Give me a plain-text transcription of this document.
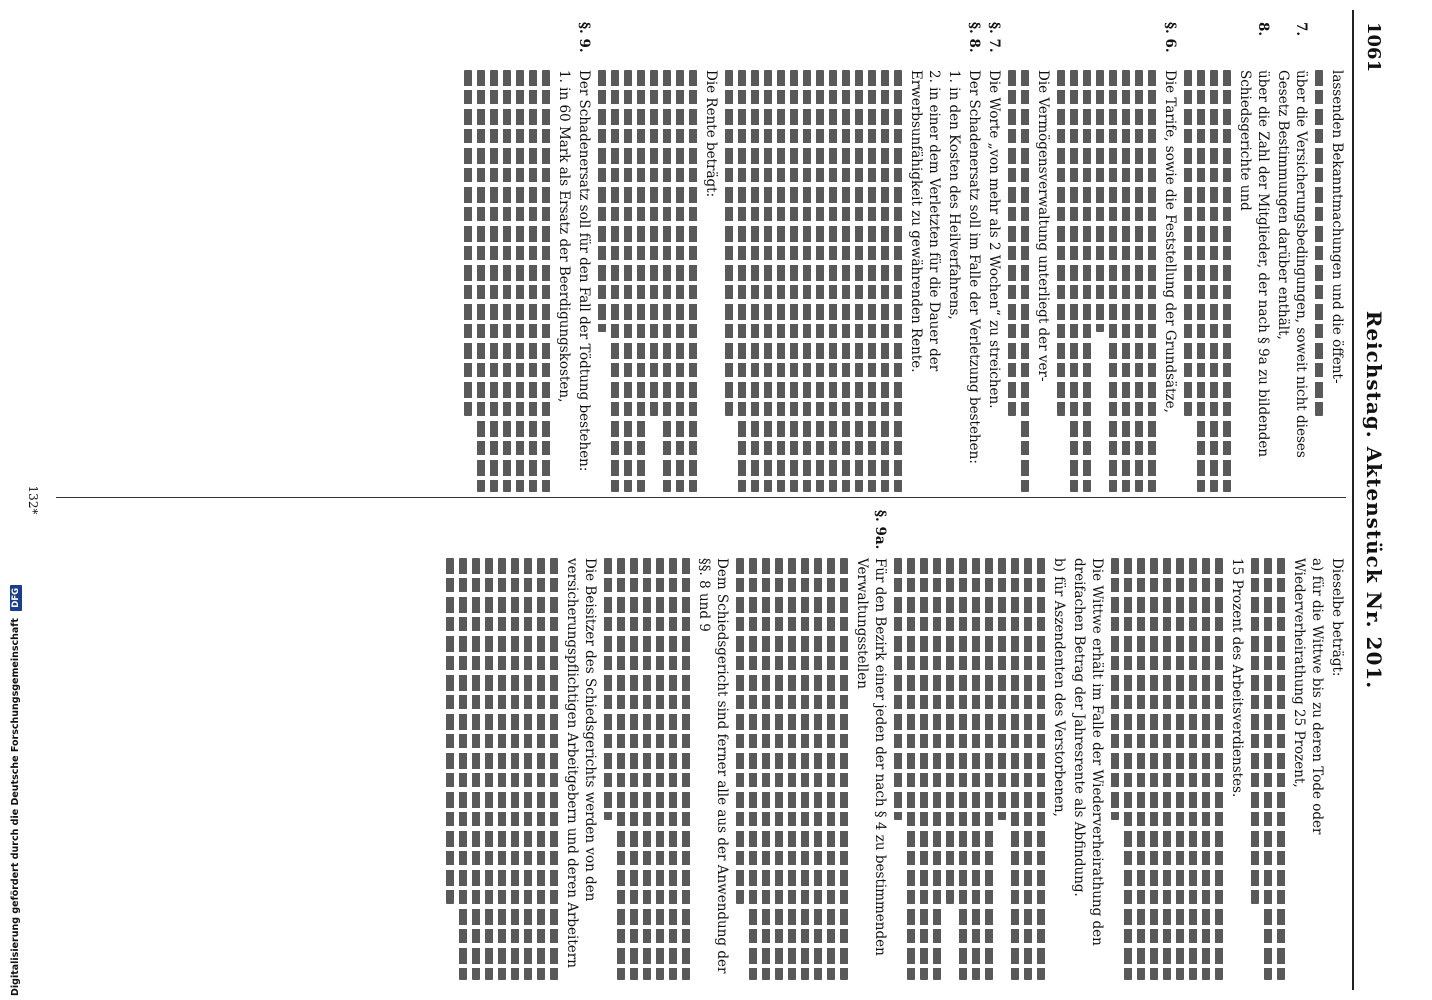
1061
Reichstag. Aktenstück Nr. 201.
lassenden Bekanntmachungen und die öffent-
7.
über die Versicherungsbedingungen, soweit nicht dieses Gesetz Bestimmungen darüber enthält,
8.
über die Zahl der Mitglieder, der nach § 9a zu bildenden Schiedsgerichte und
§. 6.
Die Tarife, sowie die Feststellung der Grundsätze,
Die Vermögensverwaltung unterliegt der ver-
§. 7.
Die Worte „von mehr als 2 Wochen“ zu streichen.
§. 8.
Der Schadenersatz soll im Falle der Verletzung bestehen:
1. in den Kosten des Heilverfahrens,
2. in einer dem Verletzten für die Dauer der Erwerbsunfähigkeit zu gewährenden Rente.
Die Rente beträgt:
§. 9.
Der Schadenersatz soll für den Fall der Tödtung bestehen:
1. in 60 Mark als Ersatz der Beerdigungskosten,
Dieselbe beträgt:
a) für die Wittwe bis zu deren Tode oder Wiederverheirathung 25 Prozent,
15 Prozent des Arbeitsverdienstes.
Die Wittwe erhält im Falle der Wiederverheirathung den dreifachen Betrag der Jahresrente als Abfindung.
b) für Aszendenten des Verstorbenen,
§. 9a.
Für den Bezirk einer jeden der nach § 4 zu bestimmenden Verwaltungsstellen
Dem Schiedsgericht sind ferner alle aus der Anwendung der §§. 8 und 9
Die Beisitzer des Schiedsgerichts werden von den versicherungspflichtigen Arbeitgebern und deren Arbeitern
132*
Digitalisierung gefördert durch die Deutsche Forschungsgemeinschaft DFG
